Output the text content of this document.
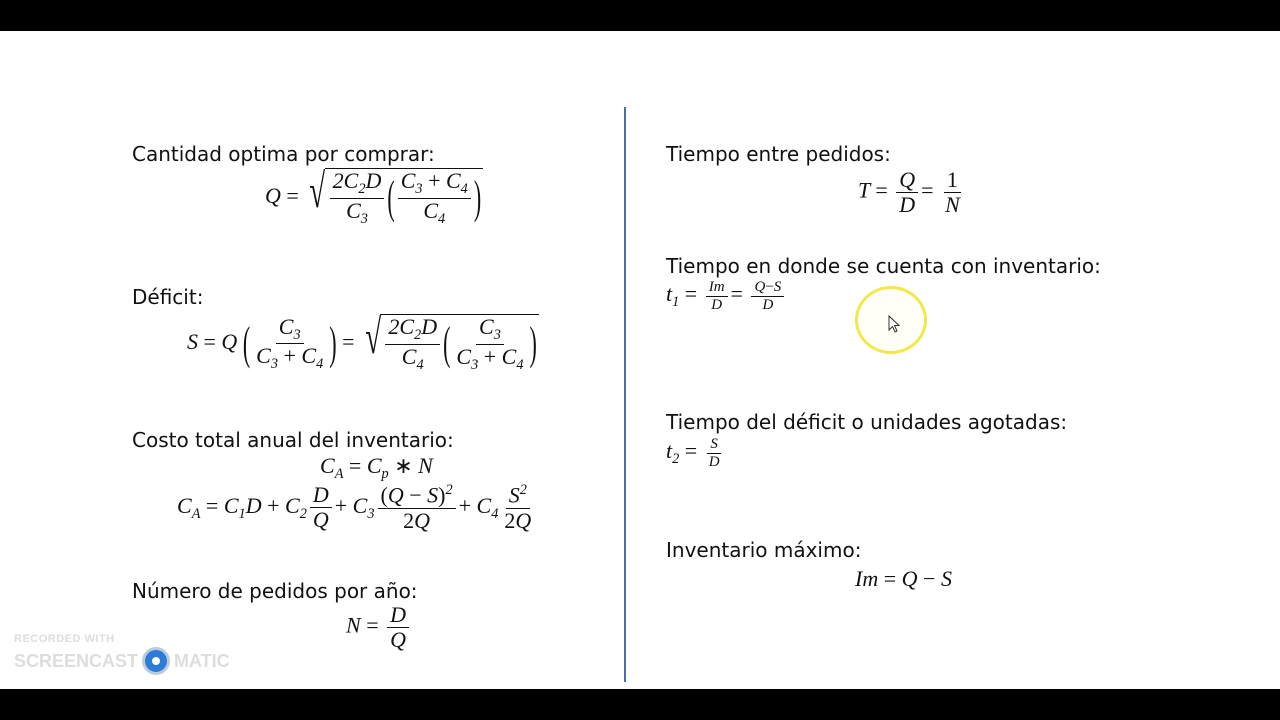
Cantidad optima por comprar:
Q = √ $\frac{2C_2D}{C_3}$ ( $\frac{C_3 + C_4}{C_4}$ )
Déficit:
S = Q ( $\frac{C_3}{C_3 + C_4}$ ) = √ $\frac{2C_2D}{C_4}$ ( $\frac{C_3}{C_3 + C_4}$ )
Costo total anual del inventario:
$C_A = C_p$ ∗ N
$C_A = C_1D + C_2 \frac{D}{Q} + C_3 \frac{(Q - S)^2}{2Q} + C_4 \frac{S^2}{2Q}$
Número de pedidos por año:
$N = \frac{D}{Q}$
Tiempo entre pedidos:
$T = \frac{Q}{D} = \frac{1}{N}$
Tiempo en donde se cuenta con inventario:
$t_1 = \frac{Im}{D} = \frac{Q-S}{D}$
Tiempo del déficit o unidades agotadas:
$t_2 = \frac{S}{D}$
Inventario máximo:
Im = Q − S
RECORDED WITH
SCREENCAST MATIC
